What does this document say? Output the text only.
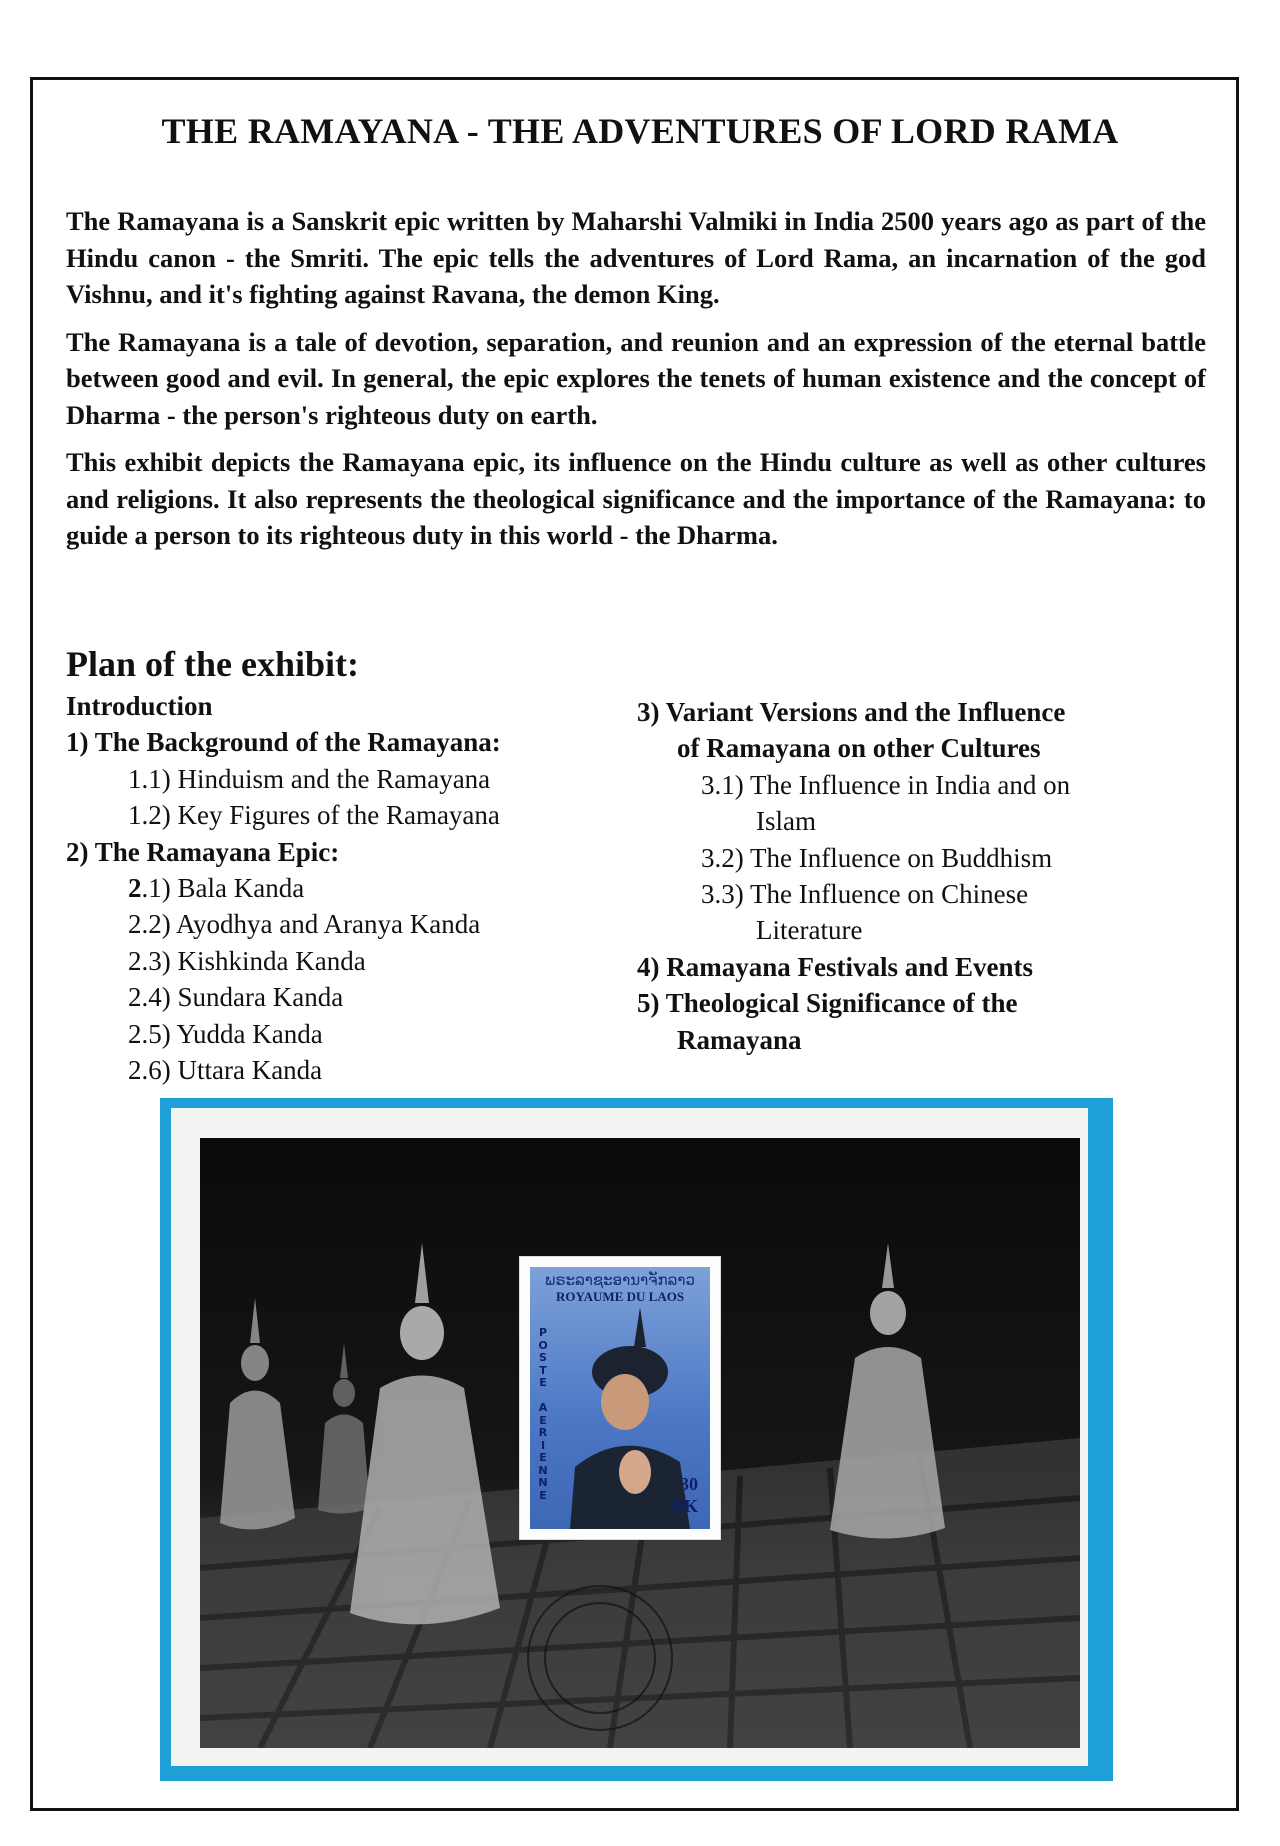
THE RAMAYANA - THE ADVENTURES OF LORD RAMA

The Ramayana is a Sanskrit epic written by Maharshi Valmiki in India 2500 years ago as part of the Hindu canon - the Smriti. The epic tells the adventures of Lord Rama, an incarnation of the god Vishnu, and it's fighting against Ravana, the demon King.

The Ramayana is a tale of devotion, separation, and reunion and an expression of the eternal battle between good and evil. In general, the epic explores the tenets of human existence and the concept of Dharma - the person's righteous duty on earth.

This exhibit depicts the Ramayana epic, its influence on the Hindu culture as well as other cultures and religions. It also represents the theological significance and the importance of the Ramayana: to guide a person to its righteous duty in this world - the Dharma.

Plan of the exhibit:

Introduction

1) The Background of the Ramayana:

1.1) Hinduism and the Ramayana

1.2) Key Figures of the Ramayana

2) The Ramayana Epic:

2.1) Bala Kanda

2.2) Ayodhya and Aranya Kanda

2.3) Kishkinda Kanda

2.4) Sundara Kanda

2.5) Yudda Kanda

2.6) Uttara Kanda

3) Variant Versions and the Influence

of Ramayana on other Cultures

3.1) The Influence in India and on

Islam

3.2) The Influence on Buddhism

3.3) The Influence on Chinese

Literature

4) Ramayana Festivals and Events

5) Theological Significance of the

Ramayana

ພຣະລາຊະອານາຈັກລາວ
ROYAUME DU LAOS
P
O
S
T
E

A
E
R
I
E
N
N
E
30
30K
